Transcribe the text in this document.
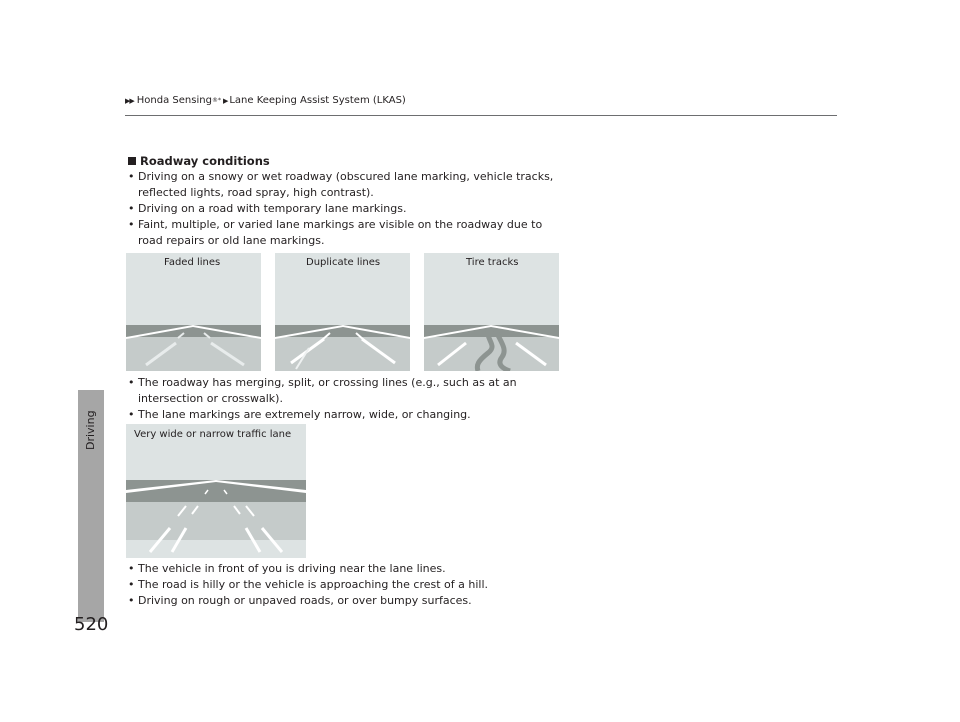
▶▶ Honda Sensing ® * ▶ Lane Keeping Assist System (LKAS)
Driving
520
Roadway conditions
• Driving on a snowy or wet roadway (obscured lane marking, vehicle tracks, reflected lights, road spray, high contrast).
• Driving on a road with temporary lane markings.
• Faint, multiple, or varied lane markings are visible on the roadway due to road repairs or old lane markings.
Faded lines	Duplicate lines	Tire tracks
• The roadway has merging, split, or crossing lines (e.g., such as at an intersection or crosswalk).
• The lane markings are extremely narrow, wide, or changing.
Very wide or narrow traffic lane
• The vehicle in front of you is driving near the lane lines.
• The road is hilly or the vehicle is approaching the crest of a hill.
• Driving on rough or unpaved roads, or over bumpy surfaces.
